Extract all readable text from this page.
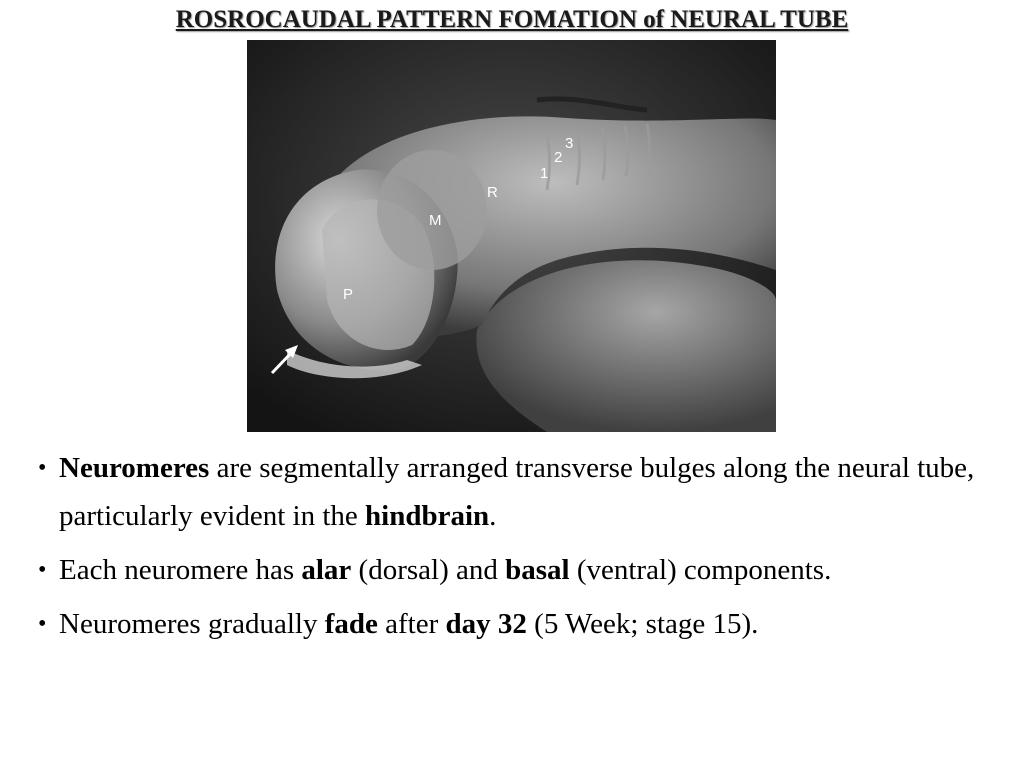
ROSROCAUDAL PATTERN FOMATION of NEURAL TUBE
P
M
R
1
2
3
• Neuromeres are segmentally arranged transverse bulges along the neural tube, particularly evident in the hindbrain.
• Each neuromere has alar (dorsal) and basal (ventral) components.
• Neuromeres gradually fade after day 32 (5 Week; stage 15).
